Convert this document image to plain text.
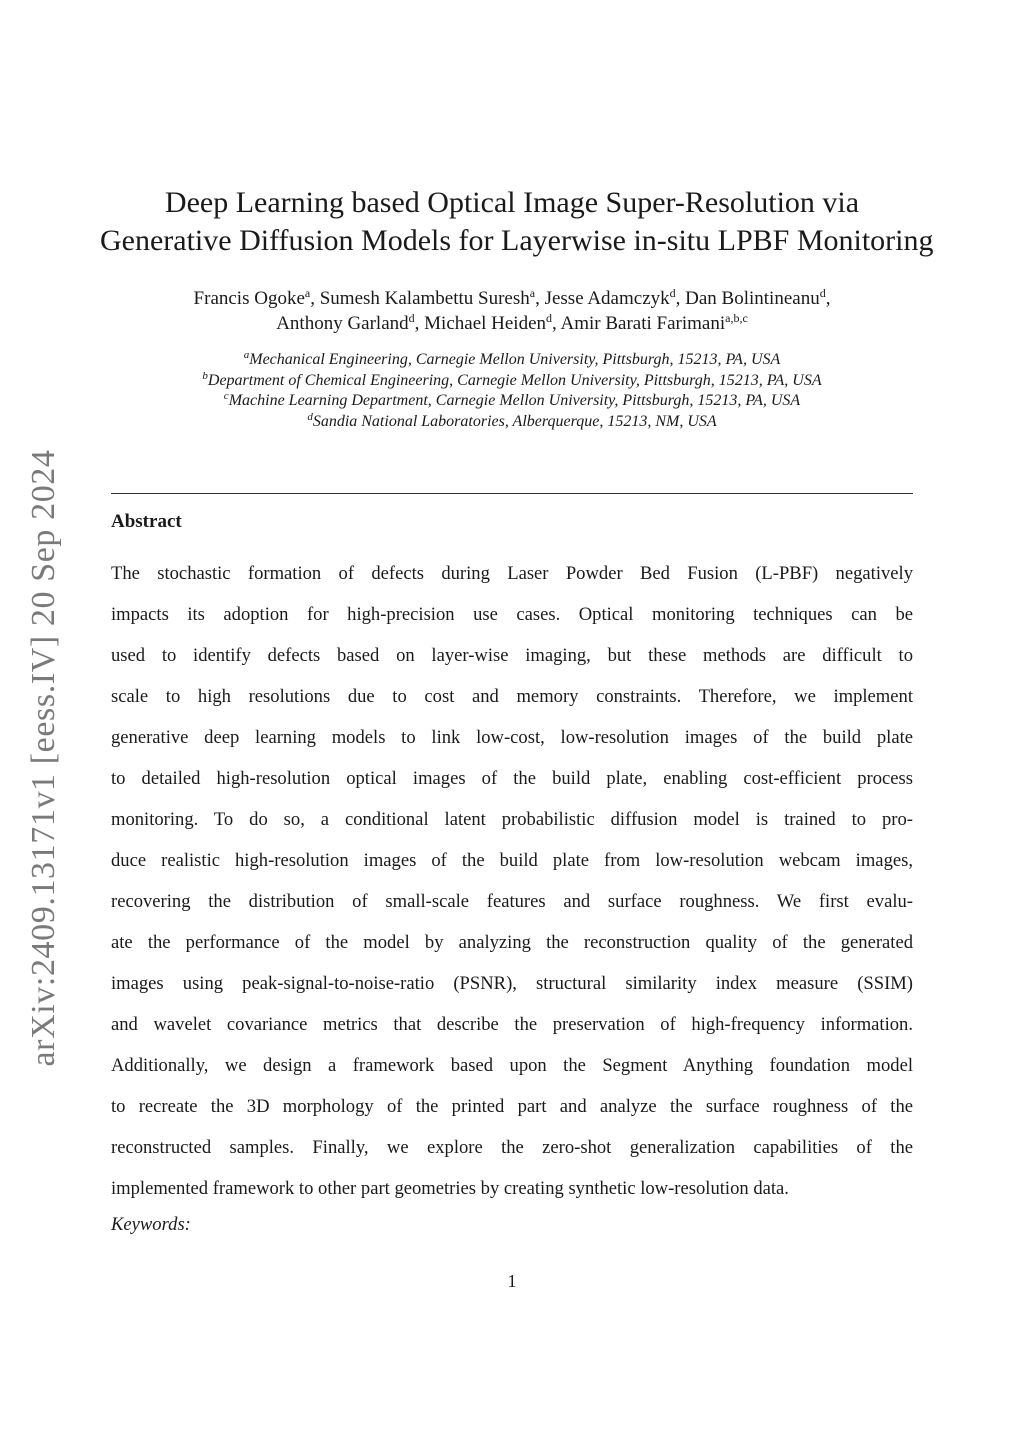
arXiv:2409.13171v1 [eess.IV] 20 Sep 2024
Deep Learning based Optical Image Super-Resolution via
Generative Diffusion Models for Layerwise in-situ LPBF Monitoring
Francis Ogoke$^a$, Sumesh Kalambettu Suresh$^a$, Jesse Adamczyk$^d$, Dan Bolintineanu$^d$,
Anthony Garland$^d$, Michael Heiden$^d$, Amir Barati Farimani$^{a,b,c}$
$^a$Mechanical Engineering, Carnegie Mellon University, Pittsburgh, 15213, PA, USA
$^b$Department of Chemical Engineering, Carnegie Mellon University, Pittsburgh, 15213, PA, USA
$^c$Machine Learning Department, Carnegie Mellon University, Pittsburgh, 15213, PA, USA
$^d$Sandia National Laboratories, Alberquerque, 15213, NM, USA
Abstract
The stochastic formation of defects during Laser Powder Bed Fusion (L-PBF) negatively
impacts its adoption for high-precision use cases. Optical monitoring techniques can be
used to identify defects based on layer-wise imaging, but these methods are difficult to
scale to high resolutions due to cost and memory constraints. Therefore, we implement
generative deep learning models to link low-cost, low-resolution images of the build plate
to detailed high-resolution optical images of the build plate, enabling cost-efficient process
monitoring. To do so, a conditional latent probabilistic diffusion model is trained to pro-
duce realistic high-resolution images of the build plate from low-resolution webcam images,
recovering the distribution of small-scale features and surface roughness. We first evalu-
ate the performance of the model by analyzing the reconstruction quality of the generated
images using peak-signal-to-noise-ratio (PSNR), structural similarity index measure (SSIM)
and wavelet covariance metrics that describe the preservation of high-frequency information.
Additionally, we design a framework based upon the Segment Anything foundation model
to recreate the 3D morphology of the printed part and analyze the surface roughness of the
reconstructed samples. Finally, we explore the zero-shot generalization capabilities of the
implemented framework to other part geometries by creating synthetic low-resolution data.
Keywords:
1
